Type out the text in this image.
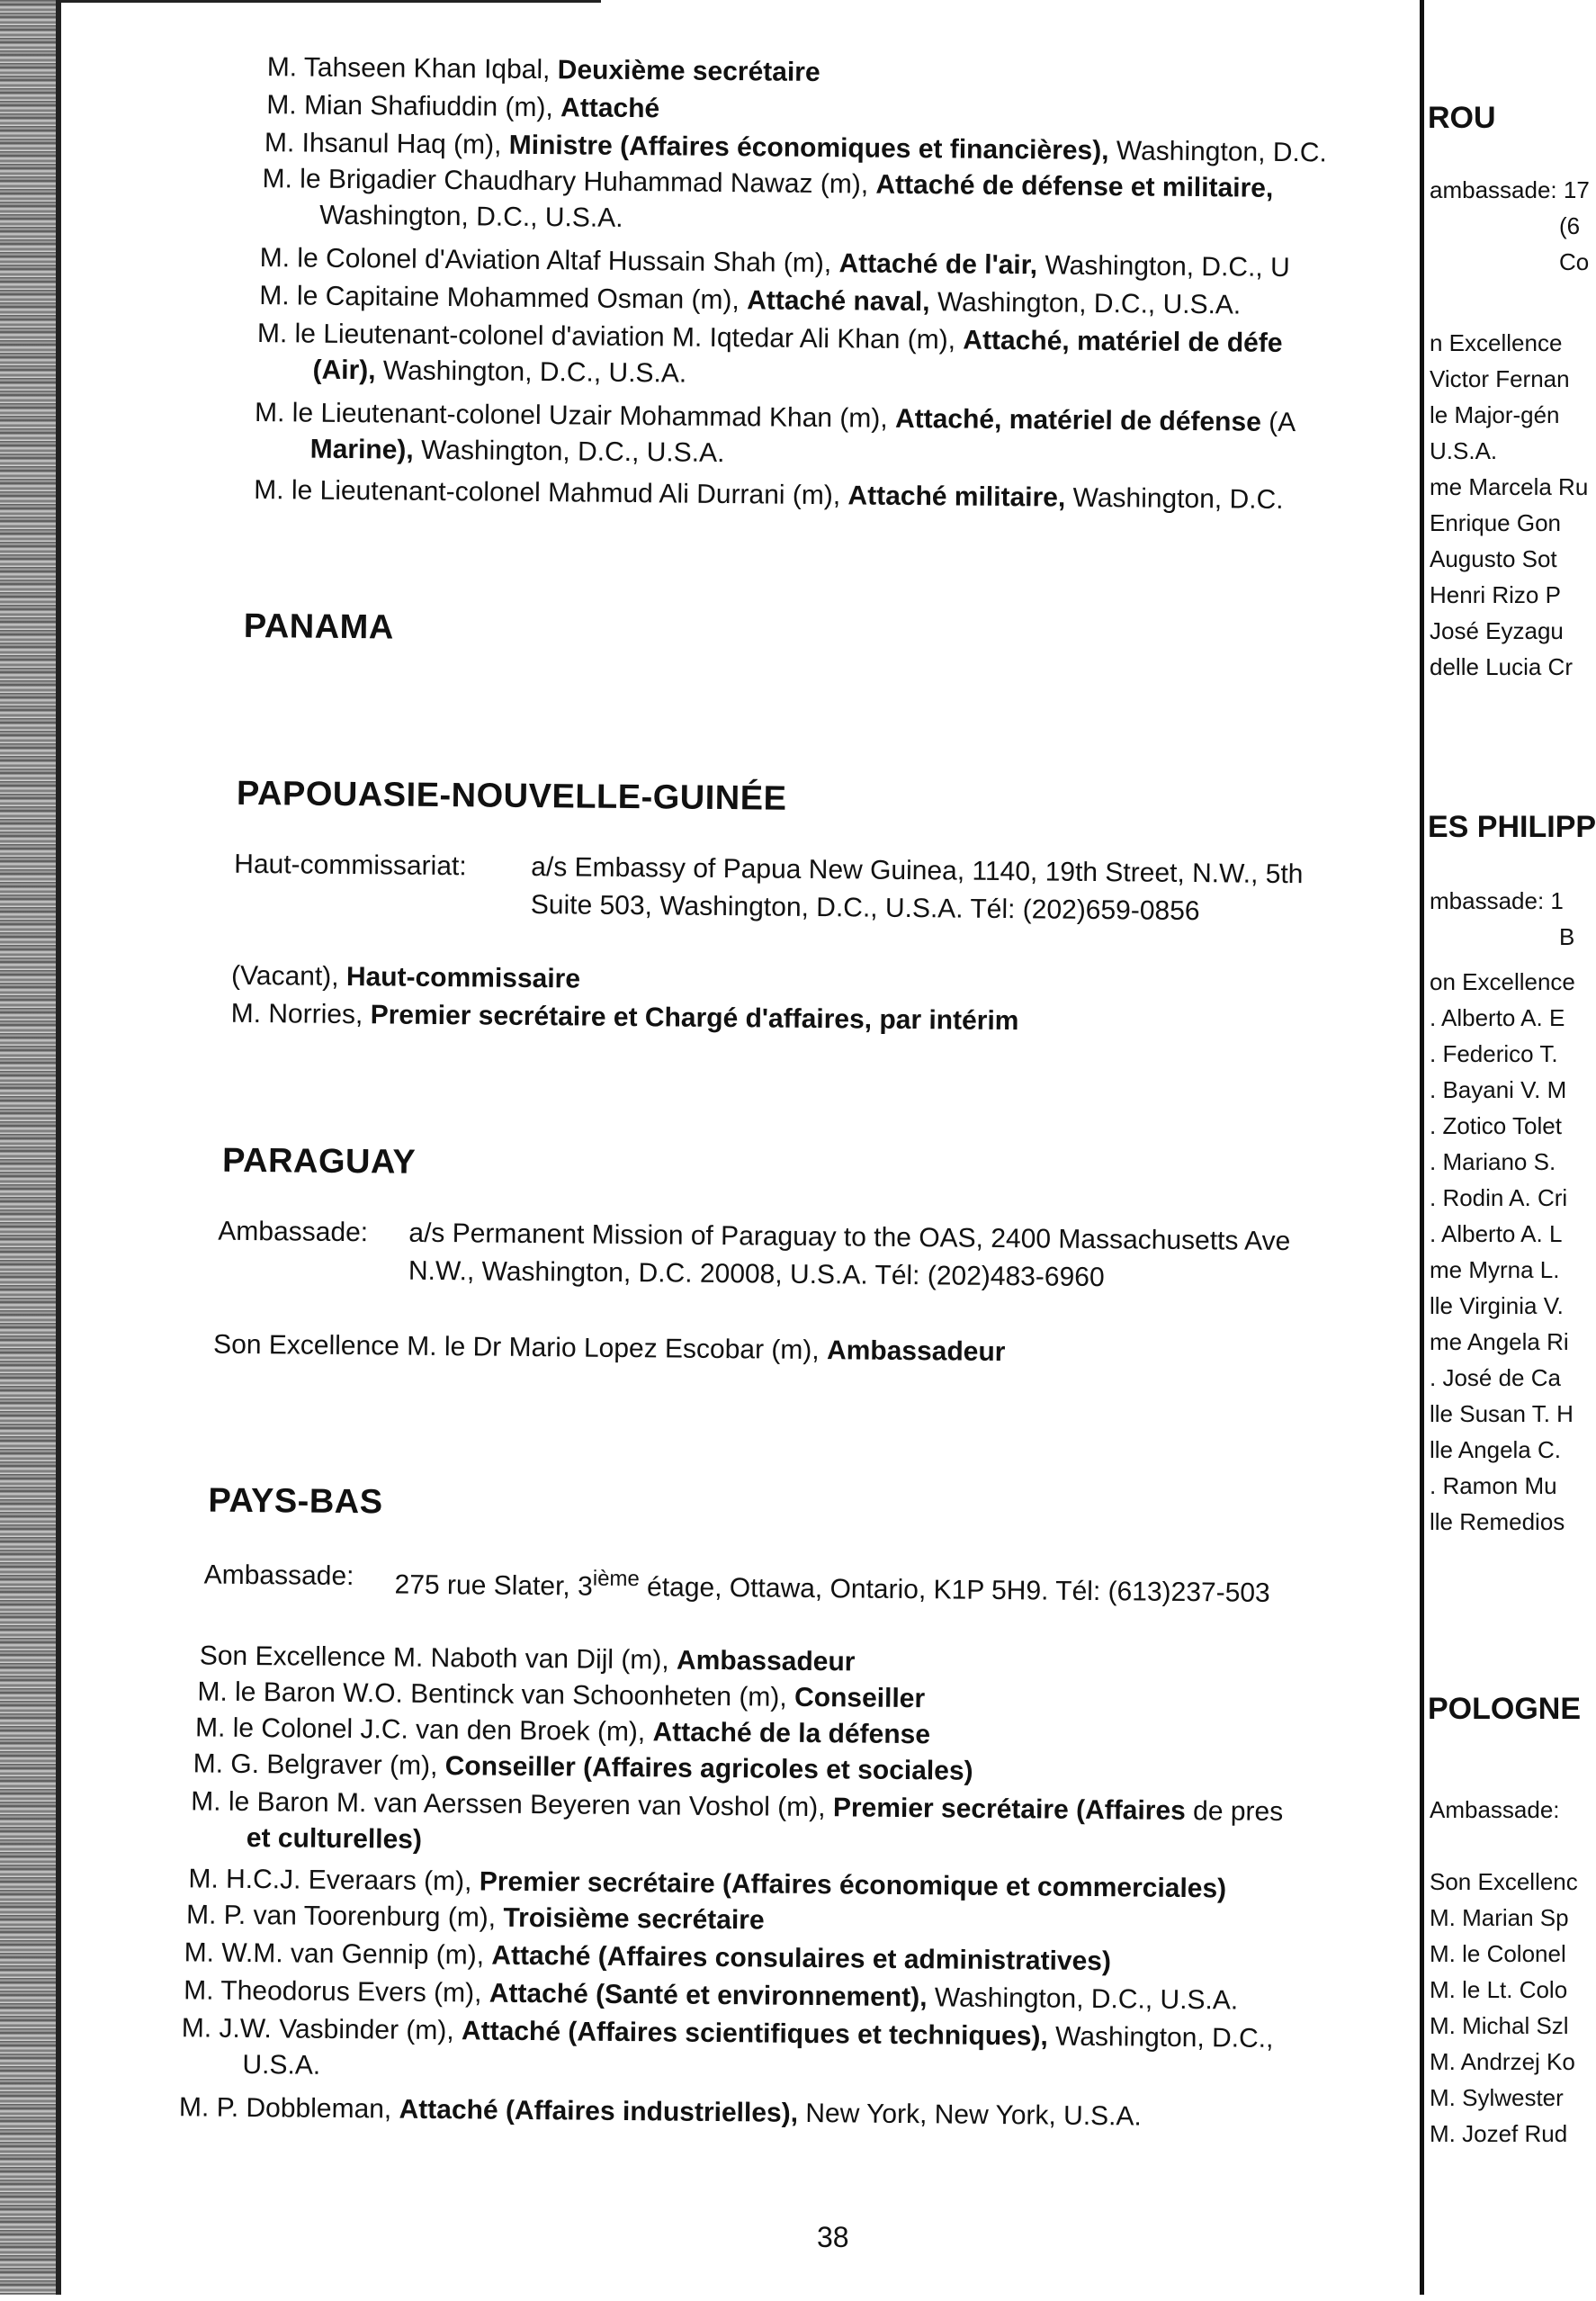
M. Tahseen Khan Iqbal, Deuxième secrétaire
M. Mian Shafiuddin (m), Attaché
M. Ihsanul Haq (m), Ministre (Affaires économiques et financières), Washington, D.C.
M. le Brigadier Chaudhary Huhammad Nawaz (m), Attaché de défense et militaire,
Washington, D.C., U.S.A.
M. le Colonel d'Aviation Altaf Hussain Shah (m), Attaché de l'air, Washington, D.C., U
M. le Capitaine Mohammed Osman (m), Attaché naval, Washington, D.C., U.S.A.
M. le Lieutenant-colonel d'aviation M. Iqtedar Ali Khan (m), Attaché, matériel de défe
(Air), Washington, D.C., U.S.A.
M. le Lieutenant-colonel Uzair Mohammad Khan (m), Attaché, matériel de défense (A
Marine), Washington, D.C., U.S.A.
M. le Lieutenant-colonel Mahmud Ali Durrani (m), Attaché militaire, Washington, D.C.
PANAMA
PAPOUASIE-NOUVELLE-GUINÉE
Haut-commissariat: a/s Embassy of Papua New Guinea, 1140, 19th Street, N.W., 5th
Suite 503, Washington, D.C., U.S.A. Tél: (202)659-0856
(Vacant), Haut-commissaire
M. Norries, Premier secrétaire et Chargé d'affaires, par intérim
PARAGUAY
Ambassade: a/s Permanent Mission of Paraguay to the OAS, 2400 Massachusetts Ave
N.W., Washington, D.C. 20008, U.S.A. Tél: (202)483-6960
Son Excellence M. le Dr Mario Lopez Escobar (m), Ambassadeur
PAYS-BAS
Ambassade: 275 rue Slater, 3ième étage, Ottawa, Ontario, K1P 5H9. Tél: (613)237-503
Son Excellence M. Naboth van Dijl (m), Ambassadeur
M. le Baron W.O. Bentinck van Schoonheten (m), Conseiller
M. le Colonel J.C. van den Broek (m), Attaché de la défense
M. G. Belgraver (m), Conseiller (Affaires agricoles et sociales)
M. le Baron M. van Aerssen Beyeren van Voshol (m), Premier secrétaire (Affaires de pres
et culturelles)
M. H.C.J. Everaars (m), Premier secrétaire (Affaires économique et commerciales)
M. P. van Toorenburg (m), Troisième secrétaire
M. W.M. van Gennip (m), Attaché (Affaires consulaires et administratives)
M. Theodorus Evers (m), Attaché (Santé et environnement), Washington, D.C., U.S.A.
M. J.W. Vasbinder (m), Attaché (Affaires scientifiques et techniques), Washington, D.C.,
U.S.A.
M. P. Dobbleman, Attaché (Affaires industrielles), New York, New York, U.S.A.
38
ROU
ambassade: 17
(6
Co
n Excellence
Victor Fernan
le Major-gén
U.S.A.
me Marcela Ru
Enrique Gon
Augusto Sot
Henri Rizo P
José Eyzagu
delle Lucia Cr
ES PHILIPP
mbassade: 1
B
on Excellence
. Alberto A. E
. Federico T.
. Bayani V. M
. Zotico Tolet
. Mariano S.
. Rodin A. Cri
. Alberto A. L
me Myrna L.
lle Virginia V.
me Angela Ri
. José de Ca
lle Susan T. H
lle Angela C.
. Ramon Mu
lle Remedios
POLOGNE
Ambassade:
Son Excellenc
M. Marian Sp
M. le Colonel
M. le Lt. Colo
M. Michal Szl
M. Andrzej Ko
M. Sylwester
M. Jozef Rud
